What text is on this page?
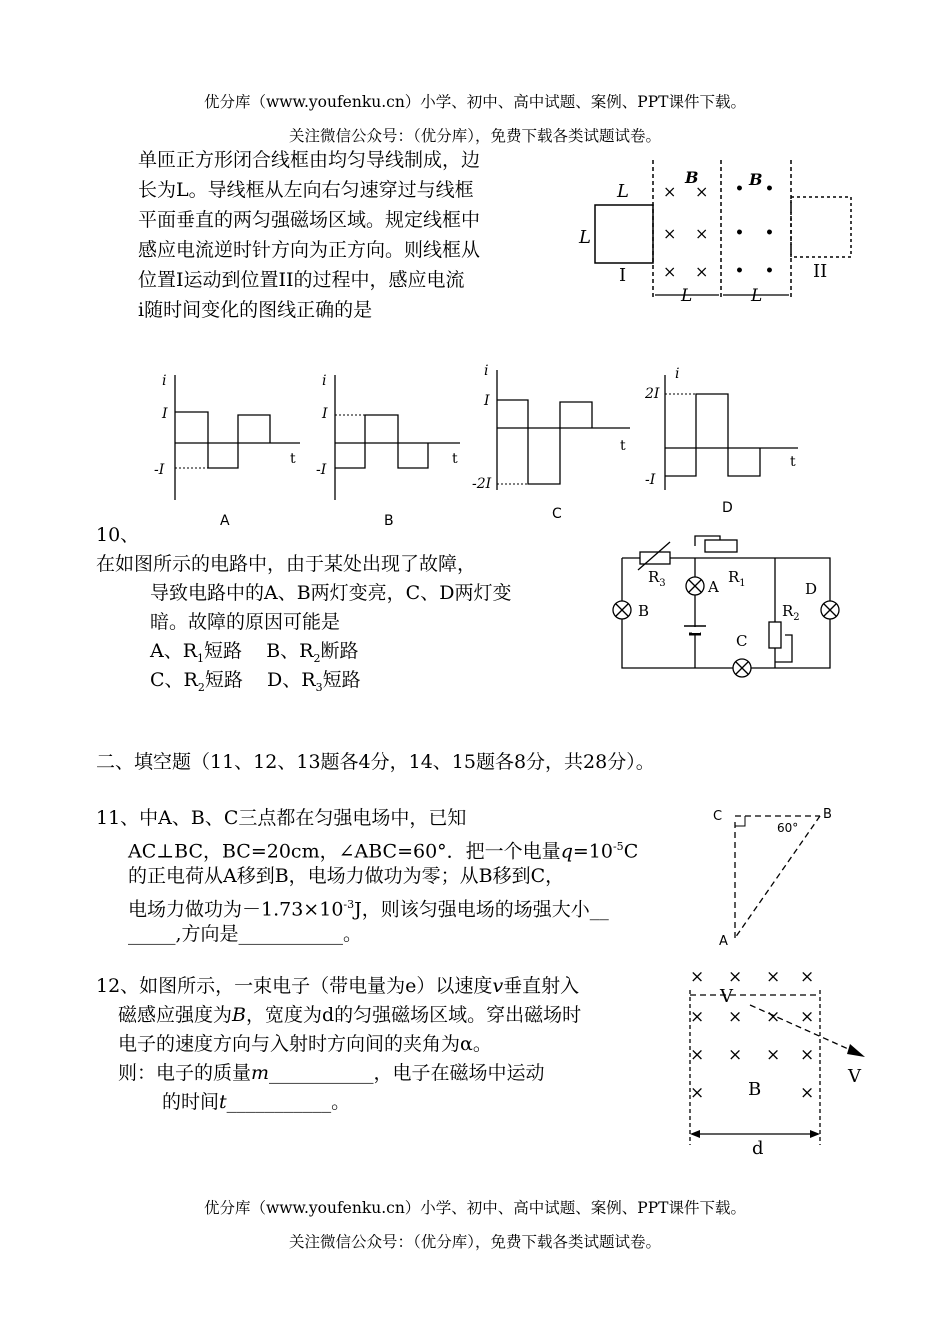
优分库（www.youfenku.cn）小学、初中、高中试题、案例、PPT课件下载。
关注微信公众号：（优分库），免费下载各类试题试卷。
单匝正方形闭合线框由均匀导线制成，边
长为L。导线框从左向右匀速穿过与线框
平面垂直的两匀强磁场区域。规定线框中
感应电流逆时针方向为正方向。则线框从
位置I运动到位置II的过程中，感应电流
i随时间变化的图线正确的是
L
L
I
B	B
× ×
× ×
× ×
• •
• •
• • II
L	L
i
t
I
-I
A
i
t
I
-I
B
i
t
I
-2I
C
i
t
2I
-I
D
10、
在如图所示的电路中，由于某处出现了故障，
导致电路中的A、B两灯变亮，C、D两灯变
暗。故障的原因可能是
A、$R_1$短路 B、$R_2$断路
C、$R_2$短路 D、$R_3$短路
$R_3$	$R_1$
$R_2$
A
B
C
D
二、填空题（11、12、13题各4分，14、15题各8分，共28分）。
11、中A、B、C三点都在匀强电场中，已知
AC⊥BC，BC=20cm，∠ABC=60°．把一个电量$q=10^{-5}C$
的正电荷从A移到B，电场力做功为零；从B移到C，
电场力做功为$-1.73\times 10^{-3}J$，则该匀强电场的场强大小__
_____,方向是___________。
C	B
A
60°
12、如图所示，一束电子（带电量为e）以速度v垂直射入
磁感应强度为B，宽度为d的匀强磁场区域。穿出磁场时
电子的速度方向与入射时方向间的夹角为α。
则：电子的质量m___________，电子在磁场中运动
的时间t___________。
× × × ×
× × × ×
× × × ×
×	×
V
V
B
d
优分库（www.youfenku.cn）小学、初中、高中试题、案例、PPT课件下载。
关注微信公众号：（优分库），免费下载各类试题试卷。
